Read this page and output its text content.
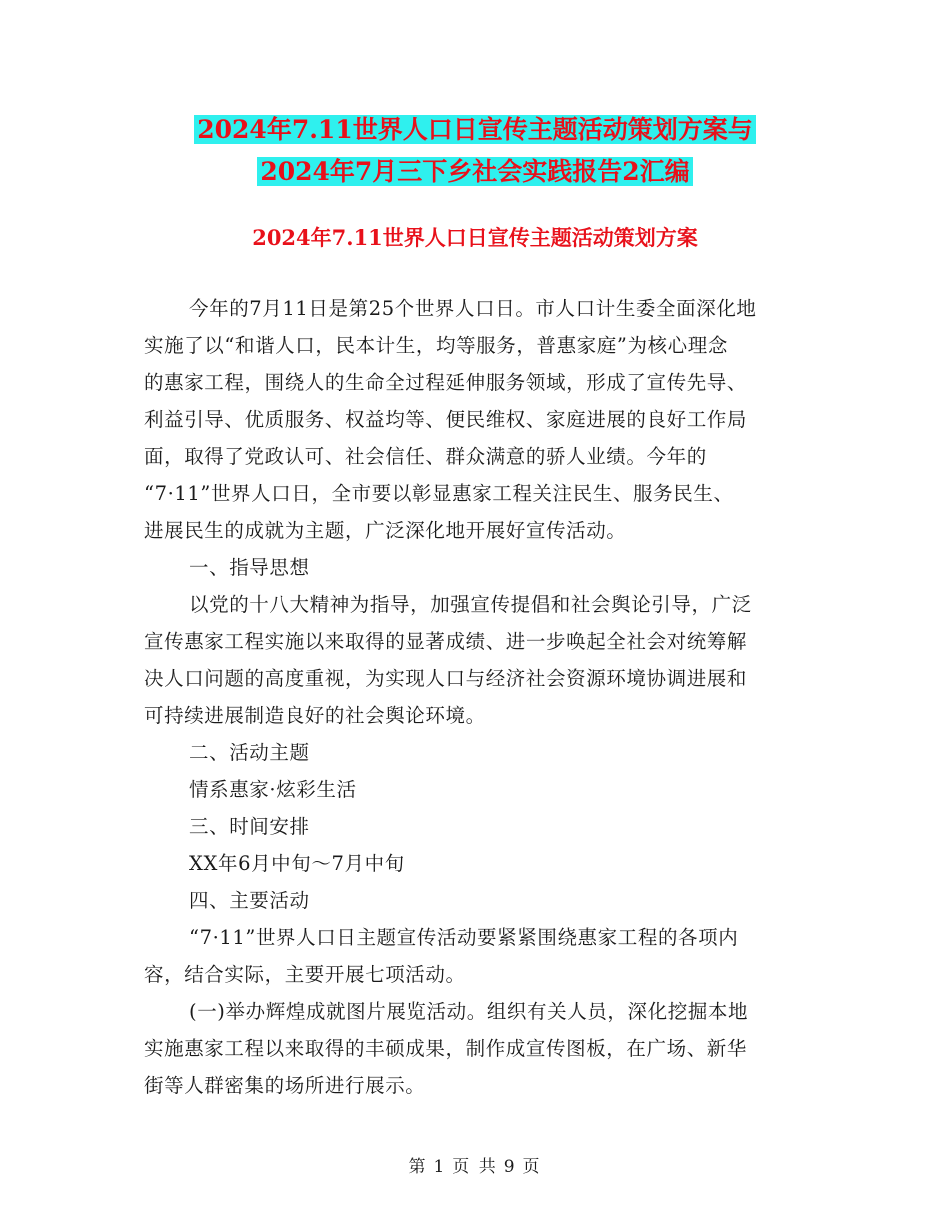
2024年7.11世界人口日宣传主题活动策划方案与
2024年7月三下乡社会实践报告2汇编
2024年7.11世界人口日宣传主题活动策划方案
今年的7月11日是第25个世界人口日。市人口计生委全面深化地
实施了以“和谐人口，民本计生，均等服务，普惠家庭”为核心理念
的惠家工程，围绕人的生命全过程延伸服务领域，形成了宣传先导、
利益引导、优质服务、权益均等、便民维权、家庭进展的良好工作局
面，取得了党政认可、社会信任、群众满意的骄人业绩。今年的
“7·11”世界人口日，全市要以彰显惠家工程关注民生、服务民生、
进展民生的成就为主题，广泛深化地开展好宣传活动。
一、指导思想
以党的十八大精神为指导，加强宣传提倡和社会舆论引导，广泛
宣传惠家工程实施以来取得的显著成绩、进一步唤起全社会对统筹解
决人口问题的高度重视，为实现人口与经济社会资源环境协调进展和
可持续进展制造良好的社会舆论环境。
二、活动主题
情系惠家·炫彩生活
三、时间安排
XX年6月中旬～7月中旬
四、主要活动
“7·11”世界人口日主题宣传活动要紧紧围绕惠家工程的各项内
容，结合实际，主要开展七项活动。
(一)举办辉煌成就图片展览活动。组织有关人员，深化挖掘本地
实施惠家工程以来取得的丰硕成果，制作成宣传图板，在广场、新华
街等人群密集的场所进行展示。
第 1 页 共 9 页
